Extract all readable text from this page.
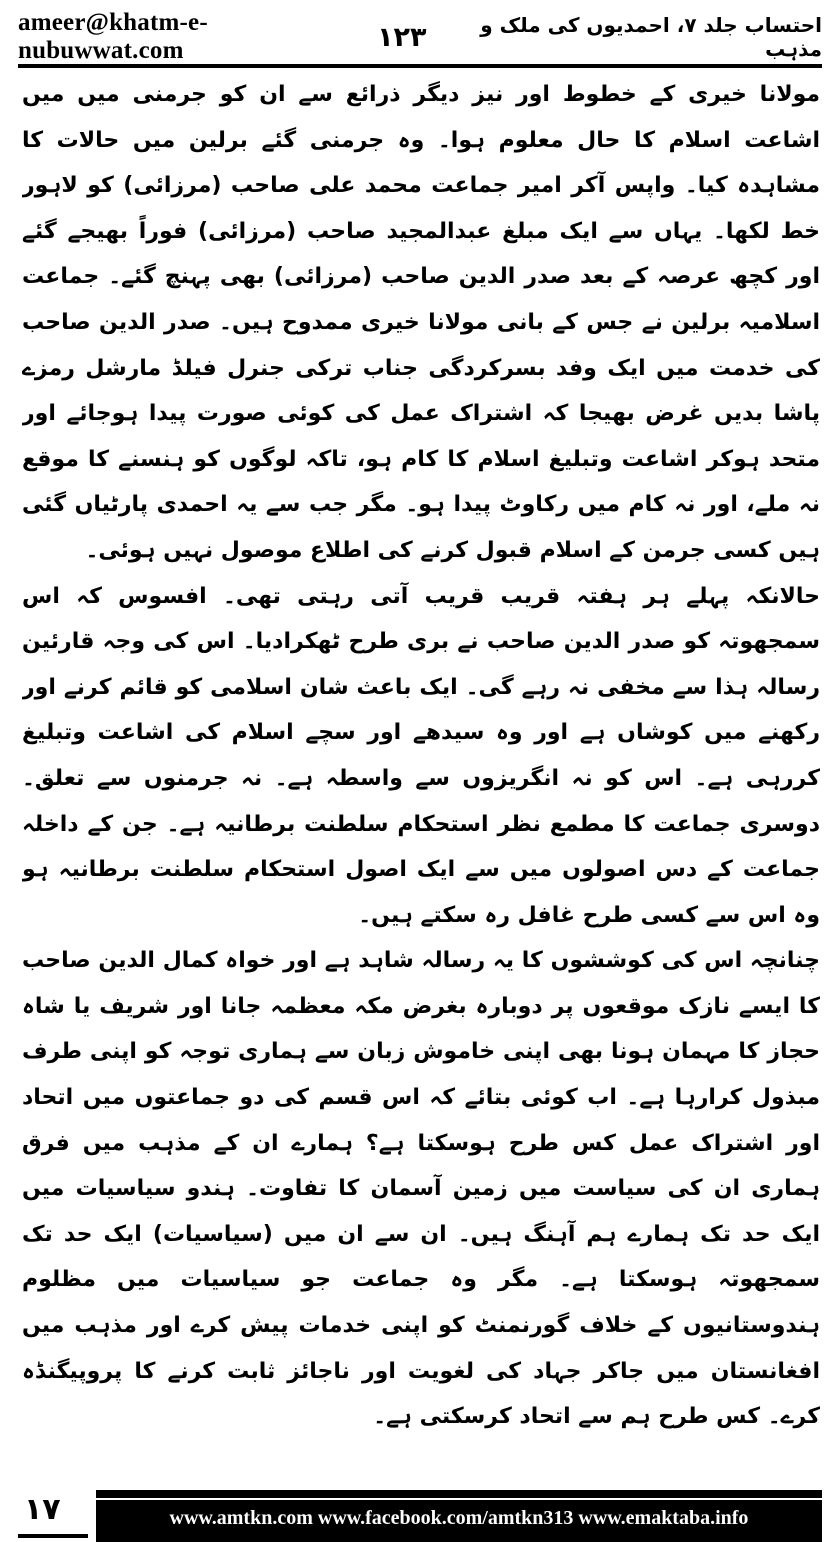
ameer@khatm-e-nubuwwat.com	۱۲۳	احتساب جلد ۷، احمدیوں کی ملک و مذہب

مولانا خیری کے خطوط اور نیز دیگر ذرائع سے ان کو جرمنی میں میں اشاعت اسلام کا حال معلوم ہوا۔ وہ جرمنی گئے برلین میں حالات کا مشاہدہ کیا۔ واپس آکر امیر جماعت محمد علی صاحب (مرزائی) کو لاہور خط لکھا۔ یہاں سے ایک مبلغ عبدالمجید صاحب (مرزائی) فوراً بھیجے گئے اور کچھ عرصہ کے بعد صدر الدین صاحب (مرزائی) بھی پہنچ گئے۔ جماعت اسلامیہ برلین نے جس کے بانی مولانا خیری ممدوح ہیں۔ صدر الدین صاحب کی خدمت میں ایک وفد بسرکردگی جناب ترکی جنرل فیلڈ مارشل رمزے پاشا بدیں غرض بھیجا کہ اشتراک عمل کی کوئی صورت پیدا ہوجائے اور متحد ہوکر اشاعت وتبلیغ اسلام کا کام ہو، تاکہ لوگوں کو ہنسنے کا موقع نہ ملے، اور نہ کام میں رکاوٹ پیدا ہو۔ مگر جب سے یہ احمدی پارٹیاں گئی ہیں کسی جرمن کے اسلام قبول کرنے کی اطلاع موصول نہیں ہوئی۔

حالانکہ پہلے ہر ہفتہ قریب قریب آتی رہتی تھی۔ افسوس کہ اس سمجھوتہ کو صدر الدین صاحب نے بری طرح ٹھکرادیا۔ اس کی وجہ قارئین رسالہ ہذا سے مخفی نہ رہے گی۔ ایک باعث شان اسلامی کو قائم کرنے اور رکھنے میں کوشاں ہے اور وہ سیدھے اور سچے اسلام کی اشاعت وتبلیغ کررہی ہے۔ اس کو نہ انگریزوں سے واسطہ ہے۔ نہ جرمنوں سے تعلق۔ دوسری جماعت کا مطمع نظر استحکام سلطنت برطانیہ ہے۔ جن کے داخلہ جماعت کے دس اصولوں میں سے ایک اصول استحکام سلطنت برطانیہ ہو وہ اس سے کسی طرح غافل رہ سکتے ہیں۔

چنانچہ اس کی کوششوں کا یہ رسالہ شاہد ہے اور خواہ کمال الدین صاحب کا ایسے نازک موقعوں پر دوبارہ بغرض مکہ معظمہ جانا اور شریف یا شاہ حجاز کا مہمان ہونا بھی اپنی خاموش زبان سے ہماری توجہ کو اپنی طرف مبذول کرارہا ہے۔ اب کوئی بتائے کہ اس قسم کی دو جماعتوں میں اتحاد اور اشتراک عمل کس طرح ہوسکتا ہے؟ ہمارے ان کے مذہب میں فرق ہماری ان کی سیاست میں زمین آسمان کا تفاوت۔ ہندو سیاسیات میں ایک حد تک ہمارے ہم آہنگ ہیں۔ ان سے ان میں (سیاسیات) ایک حد تک سمجھوتہ ہوسکتا ہے۔ مگر وہ جماعت جو سیاسیات میں مظلوم ہندوستانیوں کے خلاف گورنمنٹ کو اپنی خدمات پیش کرے اور مذہب میں افغانستان میں جاکر جہاد کی لغویت اور ناجائز ثابت کرنے کا پروپیگنڈہ کرے۔ کس طرح ہم سے اتحاد کرسکتی ہے۔

۱۷	www.amtkn.com www.facebook.com/amtkn313 www.emaktaba.info
